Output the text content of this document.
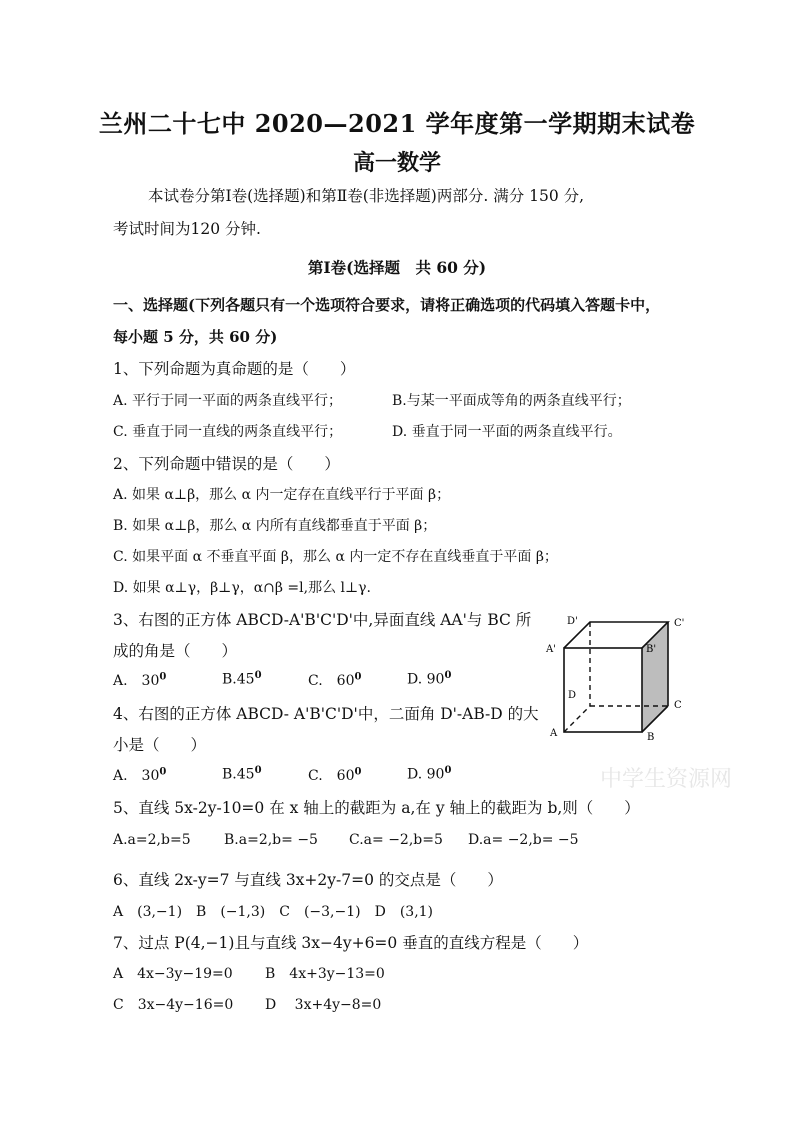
兰州二十七中 2020—2021 学年度第一学期期末试卷
高一数学
本试卷分第Ⅰ卷(选择题)和第Ⅱ卷(非选择题)两部分. 满分 150 分,
考试时间为120 分钟.
第Ⅰ卷(选择题　共 60 分)
一、选择题(下列各题只有一个选项符合要求，请将正确选项的代码填入答题卡中，
每小题 5 分，共 60 分)
1、下列命题为真命题的是（　　）
A. 平行于同一平面的两条直线平行；	B.与某一平面成等角的两条直线平行；
C. 垂直于同一直线的两条直线平行；	D. 垂直于同一平面的两条直线平行。
2、下列命题中错误的是（　　）
A. 如果 α⊥β，那么 α 内一定存在直线平行于平面 β；
B. 如果 α⊥β，那么 α 内所有直线都垂直于平面 β；
C. 如果平面 α 不垂直平面 β，那么 α 内一定不存在直线垂直于平面 β；
D. 如果 α⊥γ，β⊥γ，α∩β =l,那么 l⊥γ.
3、右图的正方体 ABCD-A'B'C'D'中,异面直线 AA'与 BC 所
成的角是（　　）
A.　$30^0$	$B.45^0$	C.　$60^0$	D. $90^0$
4、右图的正方体 ABCD- A'B'C'D'中，二面角 D'-AB-D 的大
小是（　　）
A.　$30^0$	$B.45^0$	C.　$60^0$	D. $90^0$	中学生资源网
5、直线 5x-2y-10=0 在 x 轴上的截距为 a,在 y 轴上的截距为 b,则（　　）
A.a=2,b=5 B.a=2,b= −5 C.a= −2,b=5 D.a= −2,b= −5
6、直线 2x-y=7 与直线 3x+2y-7=0 的交点是（　　）
A　(3,−1)　B　(−1,3)　C　(−3,−1)　D　(3,1)
7、过点 P(4,−1)且与直线 3x−4y+6=0 垂直的直线方程是（　　）
A　4x−3y−19=0 B　4x+3y−13=0
C　3x−4y−16=0 D　 3x+4y−8=0
D'	C'
A'	B'
D
C
A	B
